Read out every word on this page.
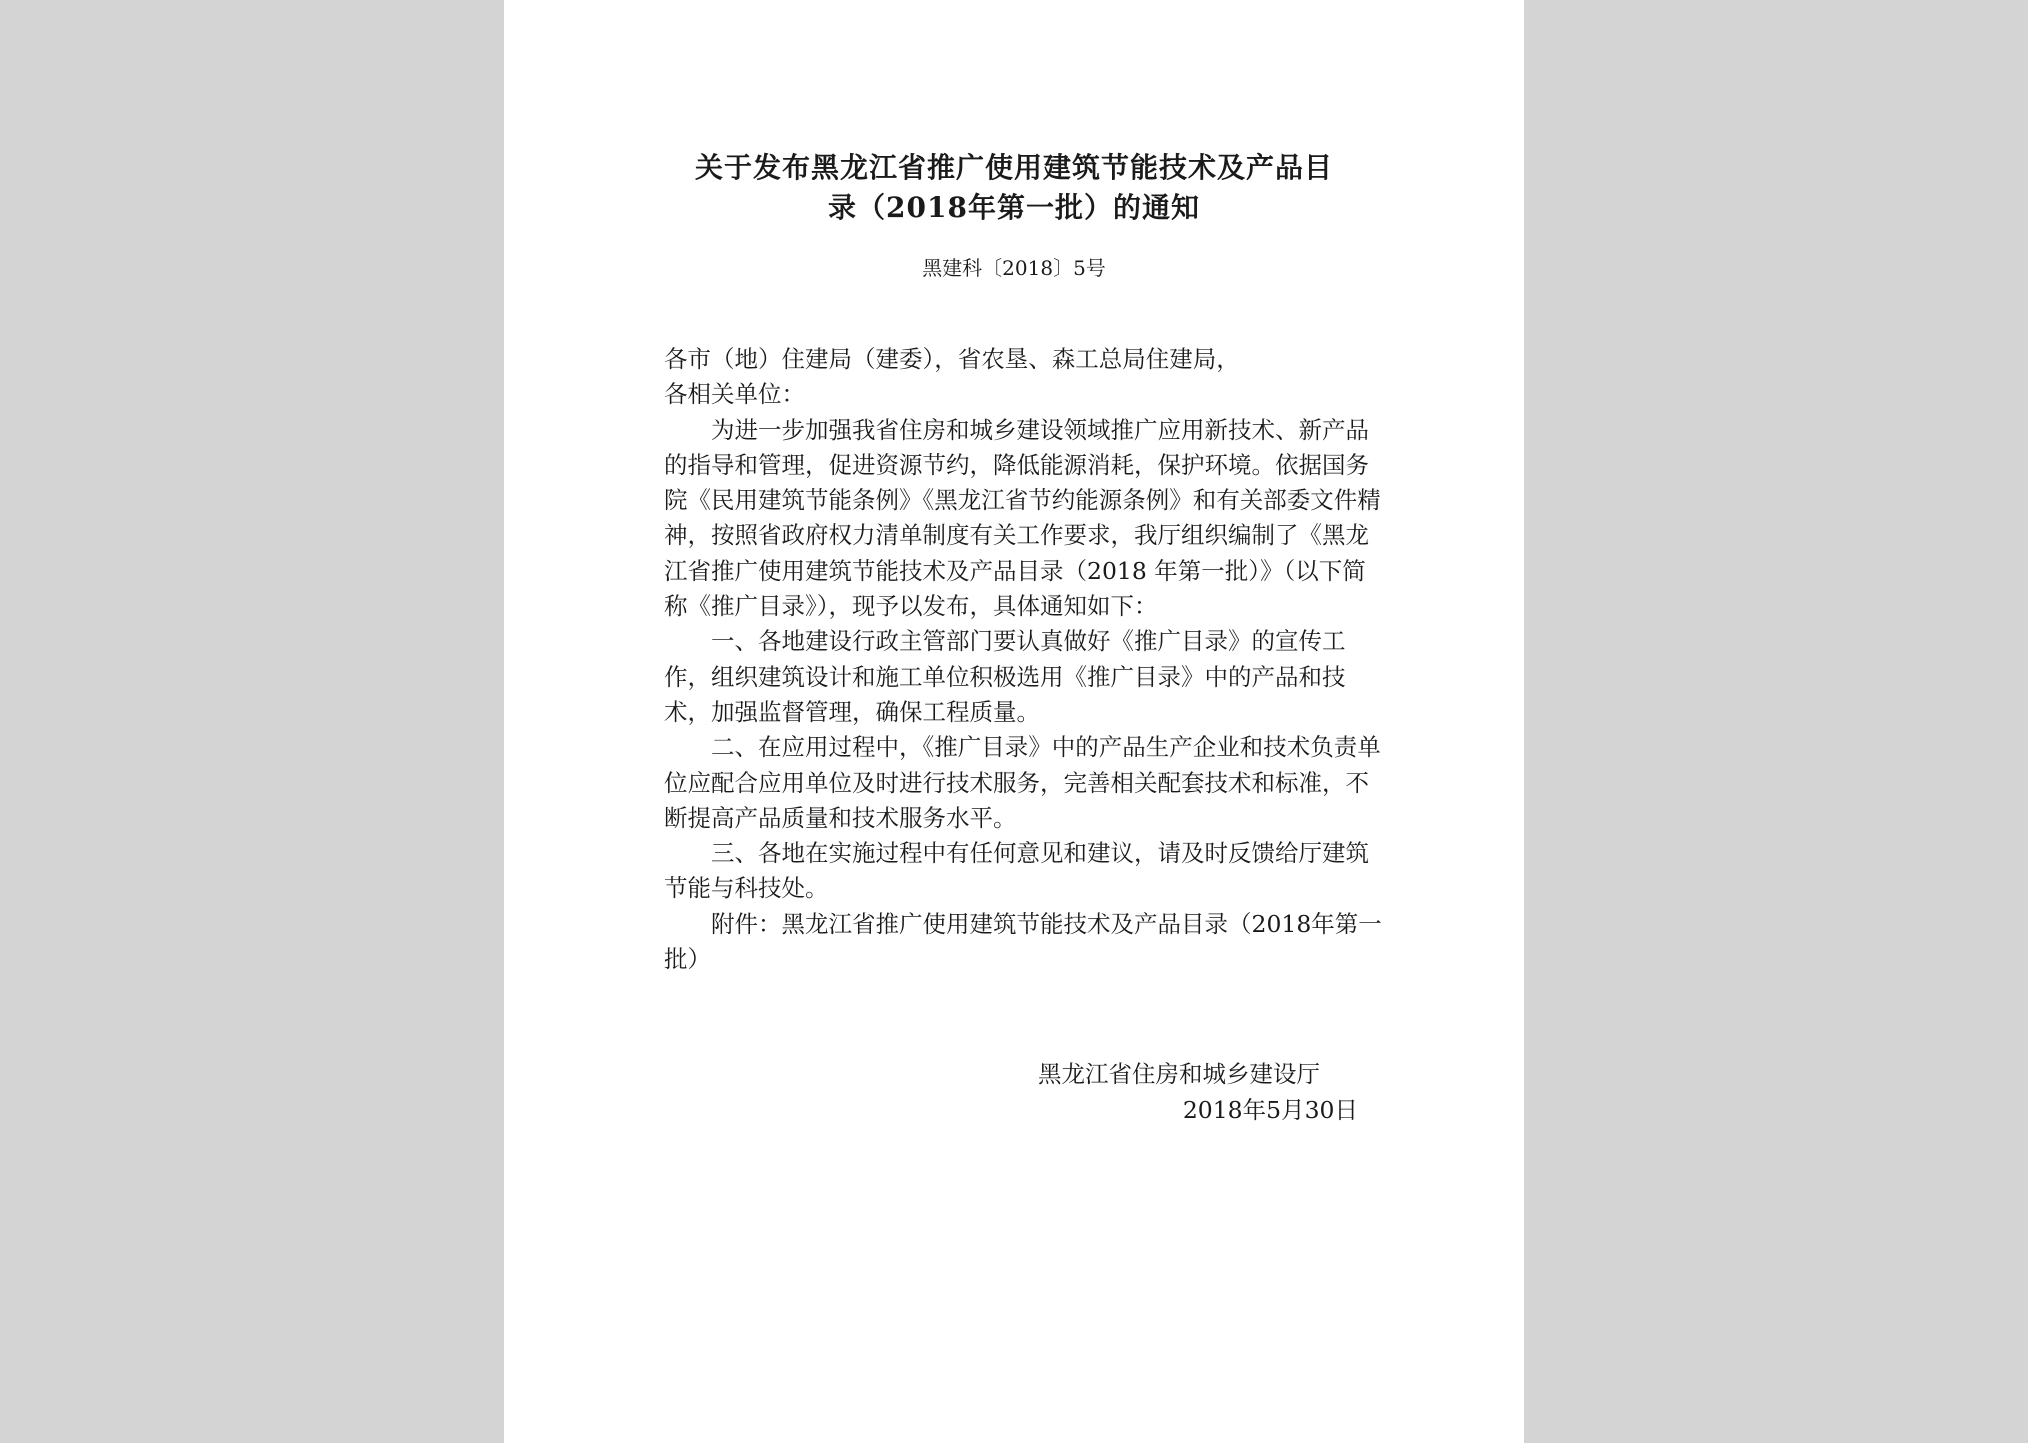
关于发布黑龙江省推广使用建筑节能技术及产品目
录（2018年第一批）的通知
黑建科〔2018〕5号

各市（地）住建局（建委），省农垦、森工总局住建局，

各相关单位：

为进一步加强我省住房和城乡建设领域推广应用新技术、新产品的指导和管理，促进资源节约，降低能源消耗，保护环境。依据国务院《民用建筑节能条例》《黑龙江省节约能源条例》和有关部委文件精神，按照省政府权力清单制度有关工作要求，我厅组织编制了《黑龙江省推广使用建筑节能技术及产品目录（2018 年第一批）》（以下简称《推广目录》），现予以发布，具体通知如下：

一、各地建设行政主管部门要认真做好《推广目录》的宣传工作，组织建筑设计和施工单位积极选用《推广目录》中的产品和技术，加强监督管理，确保工程质量。

二、在应用过程中，《推广目录》中的产品生产企业和技术负责单位应配合应用单位及时进行技术服务，完善相关配套技术和标准，不断提高产品质量和技术服务水平。

三、各地在实施过程中有任何意见和建议，请及时反馈给厅建筑节能与科技处。

附件：黑龙江省推广使用建筑节能技术及产品目录（2018年第一批）

黑龙江省住房和城乡建设厅
2018年5月30日
